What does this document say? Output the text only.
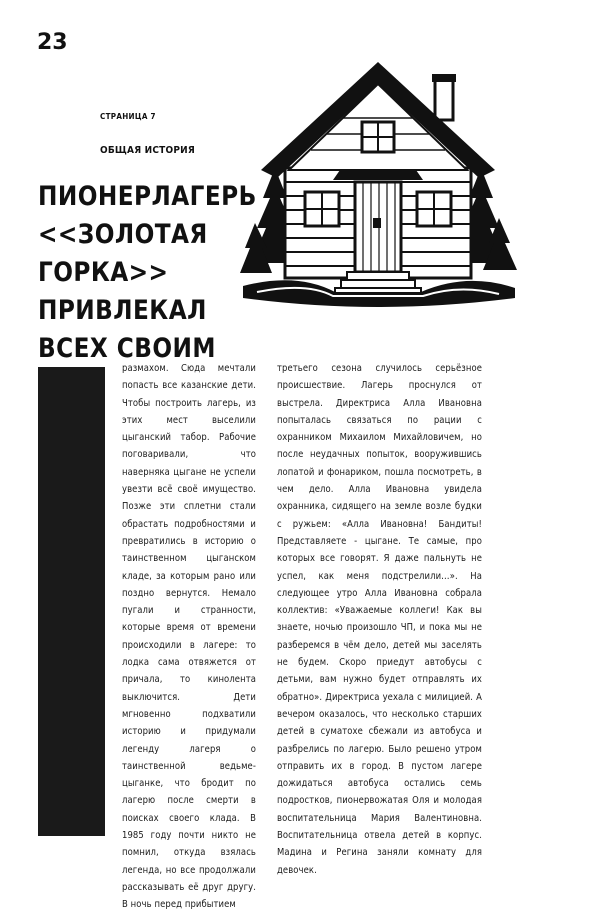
23
СТРАНИЦА 7
ОБЩАЯ ИСТОРИЯ
ПИОНЕРЛАГЕРЬ
<<ЗОЛОТАЯ
ГОРКА>>
ПРИВЛЕКАЛ
ВСЕХ СВОИМ

размахом. Сюда мечтали попасть все казанские дети. Чтобы построить лагерь, из этих мест выселили цыганский табор. Рабочие поговаривали, что наверняка цыгане не успели увезти всё своё имущество. Позже эти сплетни стали обрастать подробностями и превратились в историю о таинственном цыганском кладе, за которым рано или поздно вернутся. Немало пугали и странности, которые время от времени происходили в лагере: то лодка сама отвяжется от причала, то кинолента выключится. Дети мгновенно подхватили историю и придумали легенду лагеря о таинственной ведьме-цыганке, что бродит по лагерю после смерти в поисках своего клада. В 1985 году почти никто не помнил, откуда взялась легенда, но все продолжали рассказывать её друг другу. В ночь перед прибытием

третьего сезона случилось серьёзное происшествие. Лагерь проснулся от выстрела. Директриса Алла Ивановна попыталась связаться по рации с охранником Михаилом Михайловичем, но после неудачных попыток, вооружившись лопатой и фонариком, пошла посмотреть, в чем дело. Алла Ивановна увидела охранника, сидящего на земле возле будки с ружьем: «Алла Ивановна! Бандиты! Представляете - цыгане. Те самые, про которых все говорят. Я даже пальнуть не успел, как меня подстрелили…». На следующее утро Алла Ивановна собрала коллектив: «Уважаемые коллеги! Как вы знаете, ночью произошло ЧП, и пока мы не разберемся в чём дело, детей мы заселять не будем. Скоро приедут автобусы с детьми, вам нужно будет отправлять их обратно». Директриса уехала с милицией. А вечером оказалось, что несколько старших детей в суматохе сбежали из автобуса и разбрелись по лагерю. Было решено утром отправить их в город. В пустом лагере дожидаться автобуса остались семь подростков, пионервожатая Оля и молодая воспитательница Мария Валентиновна. Воспитательница отвела детей в корпус. Мадина и Регина заняли комнату для девочек.
